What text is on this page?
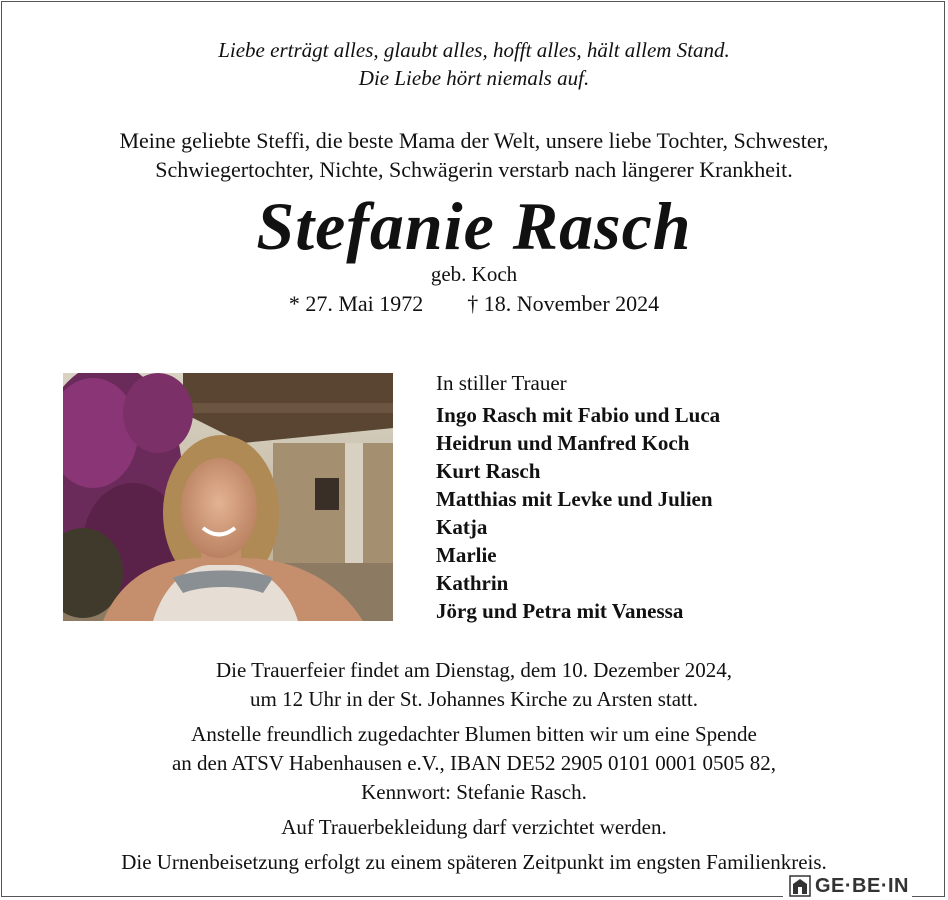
Liebe erträgt alles, glaubt alles, hofft alles, hält allem Stand.
Die Liebe hört niemals auf.
Meine geliebte Steffi, die beste Mama der Welt, unsere liebe Tochter, Schwester,
Schwiegertochter, Nichte, Schwägerin verstarb nach längerer Krankheit.
Stefanie Rasch
geb. Koch
* 27. Mai 1972 † 18. November 2024
In stiller Trauer
Ingo Rasch mit Fabio und Luca
Heidrun und Manfred Koch
Kurt Rasch
Matthias mit Levke und Julien
Katja
Marlie
Kathrin
Jörg und Petra mit Vanessa
Die Trauerfeier findet am Dienstag, dem 10. Dezember 2024,
um 12 Uhr in der St. Johannes Kirche zu Arsten statt.
Anstelle freundlich zugedachter Blumen bitten wir um eine Spende
an den ATSV Habenhausen e.V., IBAN DE52 2905 0101 0001 0505 82,
Kennwort: Stefanie Rasch.
Auf Trauerbekleidung darf verzichtet werden.
Die Urnenbeisetzung erfolgt zu einem späteren Zeitpunkt im engsten Familienkreis.
GE·BE·IN
